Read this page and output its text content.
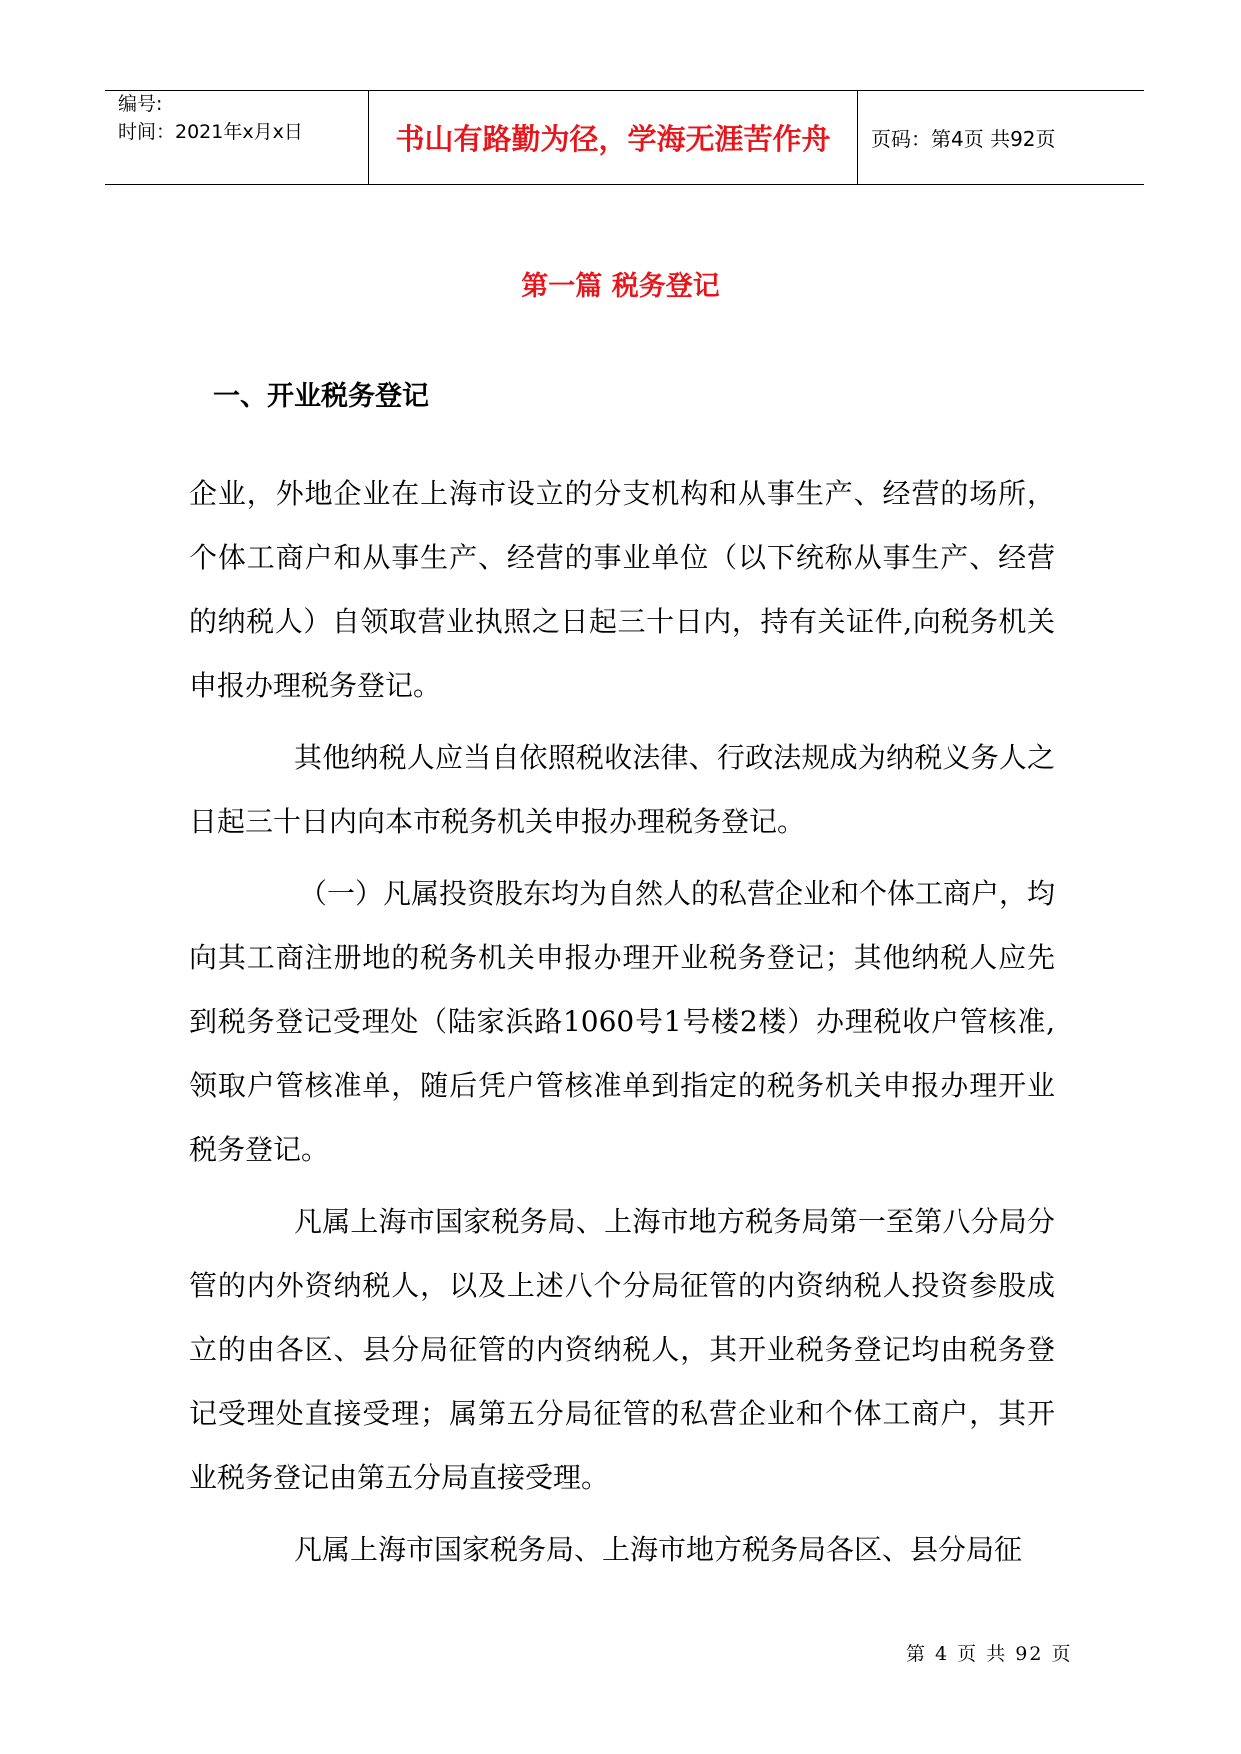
编号:
时间：2021年x月x日	书山有路勤为径，学海无涯苦作舟 页码：第4页 共92页
第一篇 税务登记
一、开业税务登记

企业，外地企业在上海市设立的分支机构和从事生产、经营的场所，个体工商户和从事生产、经营的事业单位（以下统称从事生产、经营的纳税人）自领取营业执照之日起三十日内，持有关证件,向税务机关申报办理税务登记。

其他纳税人应当自依照税收法律、行政法规成为纳税义务人之日起三十日内向本市税务机关申报办理税务登记。

（一）凡属投资股东均为自然人的私营企业和个体工商户，均向其工商注册地的税务机关申报办理开业税务登记；其他纳税人应先到税务登记受理处（陆家浜路1060号1号楼2楼）办理税收户管核准,领取户管核准单，随后凭户管核准单到指定的税务机关申报办理开业税务登记。

凡属上海市国家税务局、上海市地方税务局第一至第八分局分管的内外资纳税人，以及上述八个分局征管的内资纳税人投资参股成立的由各区、县分局征管的内资纳税人，其开业税务登记均由税务登记受理处直接受理；属第五分局征管的私营企业和个体工商户，其开业税务登记由第五分局直接受理。

凡属上海市国家税务局、上海市地方税务局各区、县分局征

第 4 页 共 92 页
